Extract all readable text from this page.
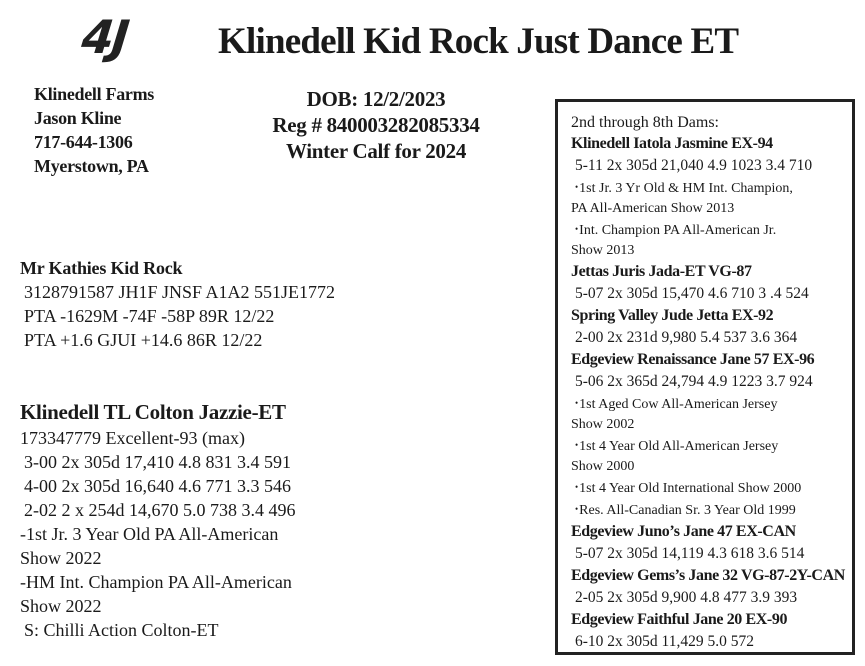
4J Klinedell Kid Rock Just Dance ET
Klinedell Farms
Jason Kline
717-644-1306
Myerstown, PA
DOB: 12/2/2023
Reg # 840003282085334
Winter Calf for 2024
Mr Kathies Kid Rock
3128791587 JH1F JNSF A1A2 551JE1772
PTA -1629M -74F -58P 89R 12/22
PTA +1.6 GJUI +14.6 86R 12/22
Klinedell TL Colton Jazzie-ET
173347779 Excellent-93 (max)
3-00 2x 305d 17,410 4.8 831 3.4 591
4-00 2x 305d 16,640 4.6 771 3.3 546
2-02 2 x 254d 14,670 5.0 738 3.4 496
-1st Jr. 3 Year Old PA All-American
Show 2022
-HM Int. Champion PA All-American
Show 2022
S: Chilli Action Colton-ET
2nd through 8th Dams:
Klinedell Iatola Jasmine EX-94
5-11 2x 305d 21,040 4.9 1023 3.4 710
•1st Jr. 3 Yr Old & HM Int. Champion,
PA All-American Show 2013
•Int. Champion PA All-American Jr.
Show 2013
Jettas Juris Jada-ET VG-87
5-07 2x 305d 15,470 4.6 710 3 .4 524
Spring Valley Jude Jetta EX-92
2-00 2x 231d 9,980 5.4 537 3.6 364
Edgeview Renaissance Jane 57 EX-96
5-06 2x 365d 24,794 4.9 1223 3.7 924
•1st Aged Cow All-American Jersey
Show 2002
•1st 4 Year Old All-American Jersey
Show 2000
•1st 4 Year Old International Show 2000
•Res. All-Canadian Sr. 3 Year Old 1999
Edgeview Juno’s Jane 47 EX-CAN
5-07 2x 305d 14,119 4.3 618 3.6 514
Edgeview Gems’s Jane 32 VG-87-2Y-CAN
2-05 2x 305d 9,900 4.8 477 3.9 393
Edgeview Faithful Jane 20 EX-90
6-10 2x 305d 11,429 5.0 572
